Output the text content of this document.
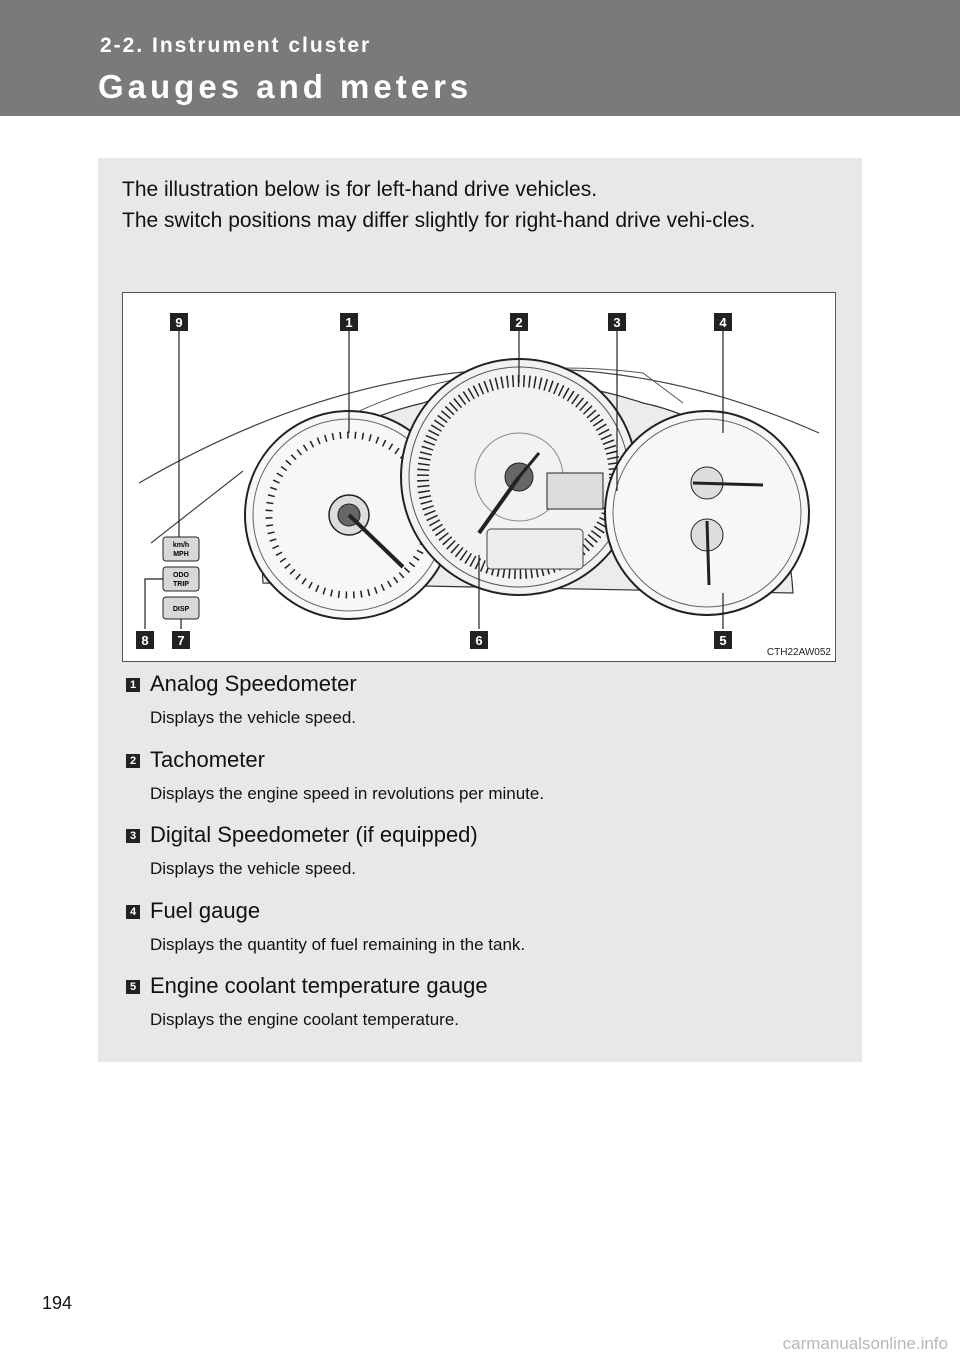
2-2. Instrument cluster
Gauges and meters

The illustration below is for left-hand drive vehicles.
The switch positions may differ slightly for right-hand drive vehi-cles.

km/h
MPH
ODO
TRIP
DISP
9	1	2	3	4
5
6
7
8
CTH22AW052
1 Analog Speedometer
Displays the vehicle speed.
2 Tachometer
Displays the engine speed in revolutions per minute.
3 Digital Speedometer (if equipped)
Displays the vehicle speed.
4 Fuel gauge
Displays the quantity of fuel remaining in the tank.
5 Engine coolant temperature gauge
Displays the engine coolant temperature.
194
carmanualsonline.info
